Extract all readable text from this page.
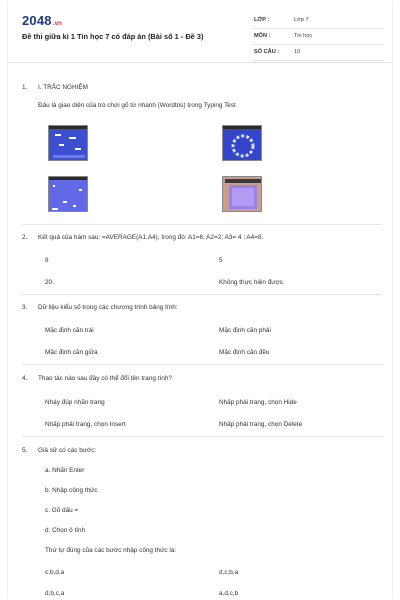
2048.vn
Đề thi giữa kì 1 Tin học 7 có đáp án (Bài số 1 - Đề 3)
LỚP :	Lớp 7
MÔN :	Tin học
SỐ CÂU :	10
1. I. TRẮC NGHIỆM
Đâu là giao diện của trò chơi gõ từ nhanh (Wordtris) trong Typing Test
2. Kết quả của hàm sau: =AVERAGE(A1:A4), trong đó: A1=6; A2=2; A3= 4 ; A4=8.
8	5
20.	Không thực hiện được.
3. Dữ liệu kiểu số trong các chương trình bảng tính:
Mặc định căn trái	Mặc định căn phải
Mặc định căn giữa	Mặc định căn đều
4. Thao tác nào sau đây có thể đổi tên trang tính?
Nháy đúp nhãn trang	Nhấp phải trang, chọn Hide
Nhấp phải trang, chọn Insert	Nhấp phải trang, chọn Delete
5. Giả sử có các bước:
a. Nhấn Enter
b. Nhập công thức
c. Gõ dấu =
d. Chọn ô tính
Thứ tự đúng của các bước nhập công thức là:
c,b,d,a	d,c,b,a
d,b,c,a	a,d,c,b
